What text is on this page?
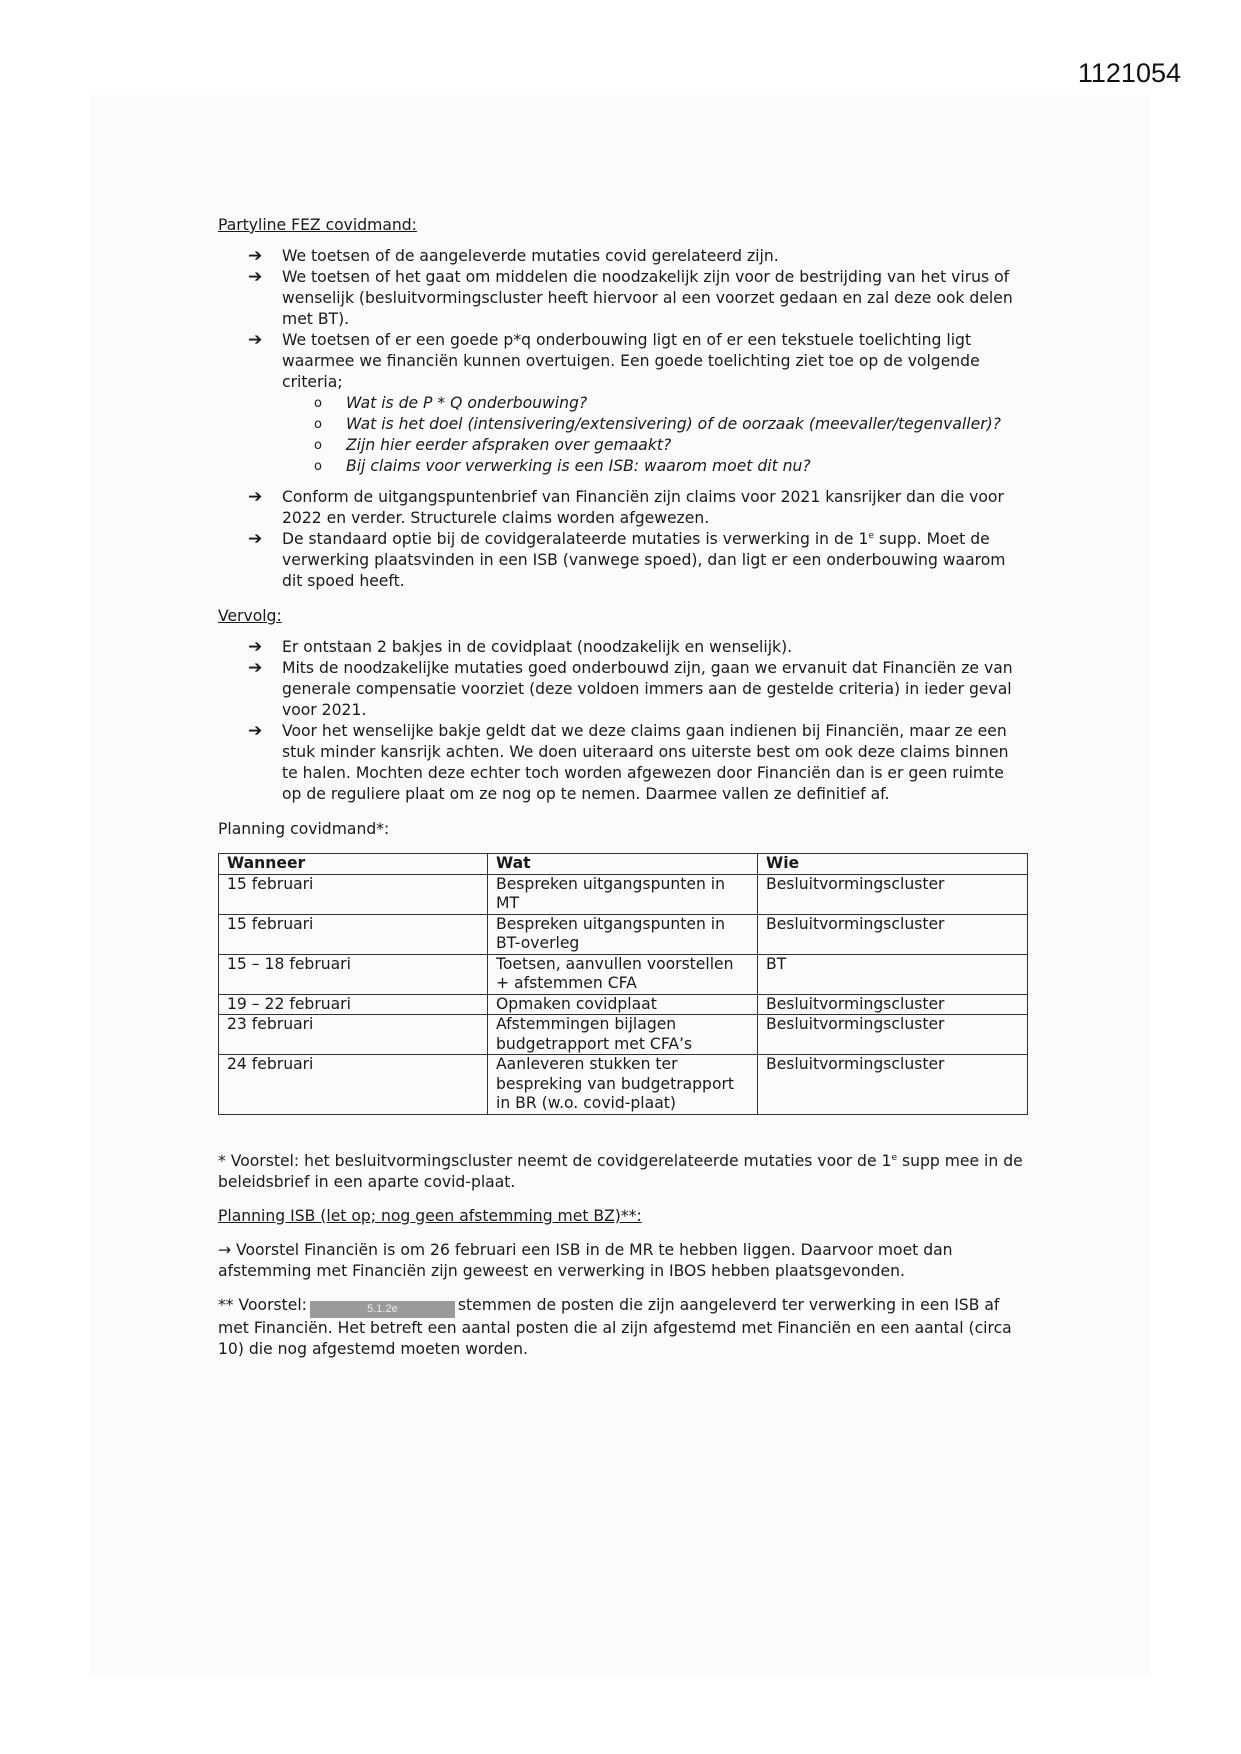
1121054

Partyline FEZ covidmand:

➔ We toetsen of de aangeleverde mutaties covid gerelateerd zijn.
➔ We toetsen of het gaat om middelen die noodzakelijk zijn voor de bestrijding van het virus of wenselijk (besluitvormingscluster heeft hiervoor al een voorzet gedaan en zal deze ook delen met BT).
➔ We toetsen of er een goede p*q onderbouwing ligt en of er een tekstuele toelichting ligt waarmee we financiën kunnen overtuigen. Een goede toelichting ziet toe op de volgende criteria;
o Wat is de P * Q onderbouwing?
o Wat is het doel (intensivering/extensivering) of de oorzaak (meevaller/tegenvaller)?
o Zijn hier eerder afspraken over gemaakt?
o Bij claims voor verwerking is een ISB: waarom moet dit nu?
➔ Conform de uitgangspuntenbrief van Financiën zijn claims voor 2021 kansrijker dan die voor 2022 en verder. Structurele claims worden afgewezen.
➔ De standaard optie bij de covidgeralateerde mutaties is verwerking in de 1e supp. Moet de verwerking plaatsvinden in een ISB (vanwege spoed), dan ligt er een onderbouwing waarom dit spoed heeft.

Vervolg:

➔ Er ontstaan 2 bakjes in de covidplaat (noodzakelijk en wenselijk).
➔ Mits de noodzakelijke mutaties goed onderbouwd zijn, gaan we ervanuit dat Financiën ze van generale compensatie voorziet (deze voldoen immers aan de gestelde criteria) in ieder geval voor 2021.
➔ Voor het wenselijke bakje geldt dat we deze claims gaan indienen bij Financiën, maar ze een stuk minder kansrijk achten. We doen uiteraard ons uiterste best om ook deze claims binnen te halen. Mochten deze echter toch worden afgewezen door Financiën dan is er geen ruimte op de reguliere plaat om ze nog op te nemen. Daarmee vallen ze definitief af.

Planning covidmand*:

Wanneer	Wat	Wie
15 februari	Bespreken uitgangspunten in MT	Besluitvormingscluster
15 februari	Bespreken uitgangspunten in BT-overleg	Besluitvormingscluster
15 – 18 februari	Toetsen, aanvullen voorstellen + afstemmen CFA	BT
19 – 22 februari	Opmaken covidplaat	Besluitvormingscluster
23 februari	Afstemmingen bijlagen budgetrapport met CFA’s	Besluitvormingscluster
24 februari	Aanleveren stukken ter bespreking van budgetrapport in BR (w.o. covid-plaat)	Besluitvormingscluster

* Voorstel: het besluitvormingscluster neemt de covidgerelateerde mutaties voor de 1e supp mee in de beleidsbrief in een aparte covid-plaat.

Planning ISB (let op; nog geen afstemming met BZ)**:

→ Voorstel Financiën is om 26 februari een ISB in de MR te hebben liggen. Daarvoor moet dan afstemming met Financiën zijn geweest en verwerking in IBOS hebben plaatsgevonden.

** Voorstel:	5.1.2e	stemmen de posten die zijn aangeleverd ter verwerking in een ISB af met Financiën. Het betreft een aantal posten die al zijn afgestemd met Financiën en een aantal (circa 10) die nog afgestemd moeten worden.
